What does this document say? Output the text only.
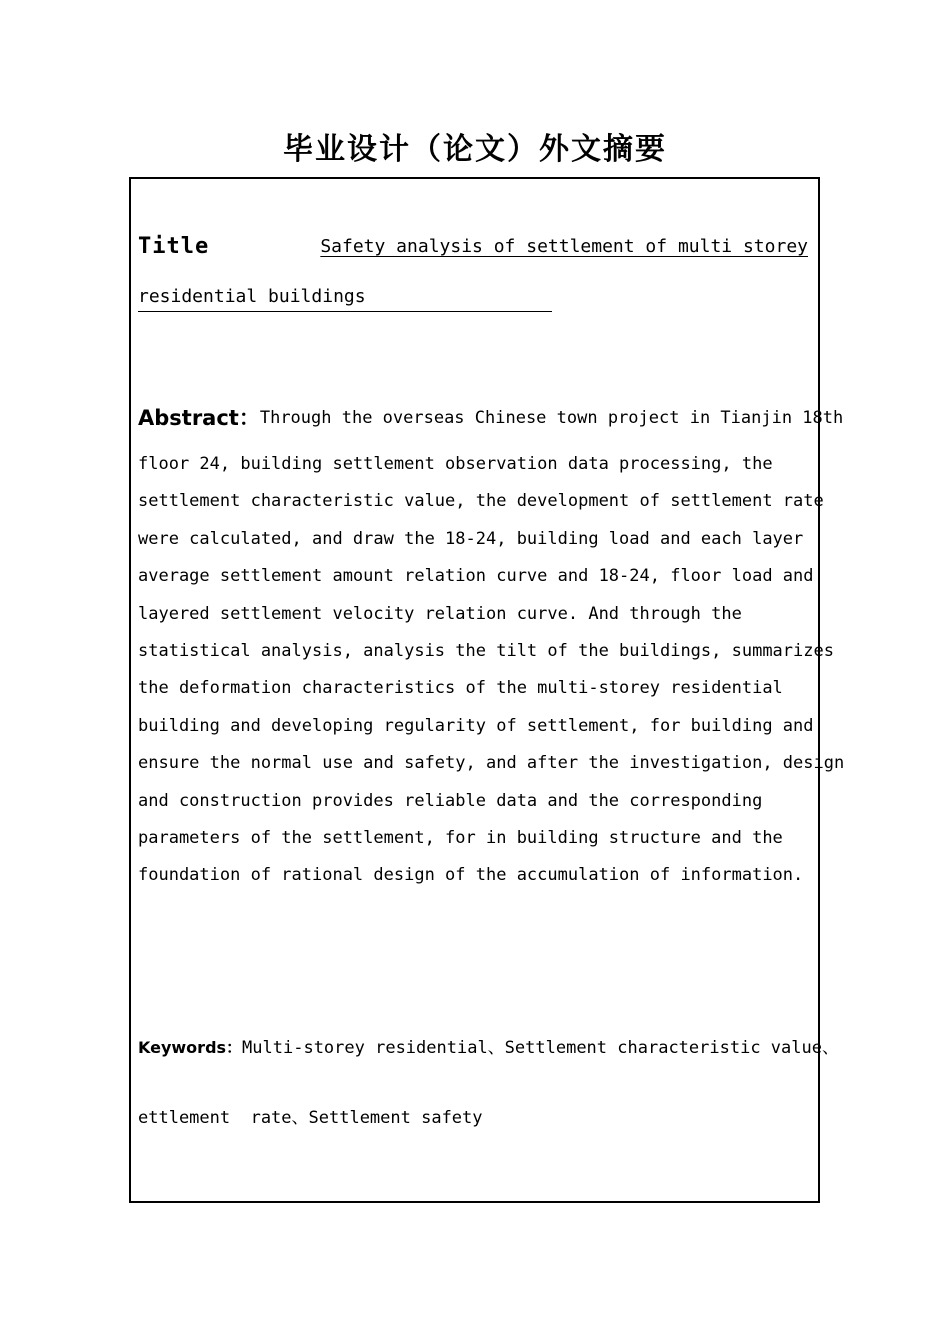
毕业设计（论文）外文摘要
Title	Safety analysis of settlement of multi storey
residential buildings
Abstract：Through the overseas Chinese town project in Tianjin 18th
floor 24, building settlement observation data processing, the
settlement characteristic value, the development of settlement rate
were calculated, and draw the 18-24, building load and each layer
average settlement amount relation curve and 18-24, floor load and
layered settlement velocity relation curve. And through the
statistical analysis, analysis the tilt of the buildings, summarizes
the deformation characteristics of the multi-storey residential
building and developing regularity of settlement, for building and
ensure the normal use and safety, and after the investigation, design
and construction provides reliable data and the corresponding
parameters of the settlement, for in building structure and the
foundation of rational design of the accumulation of information.
Keywords：Multi-storey residential、Settlement characteristic value、
ettlement  rate、Settlement safety
